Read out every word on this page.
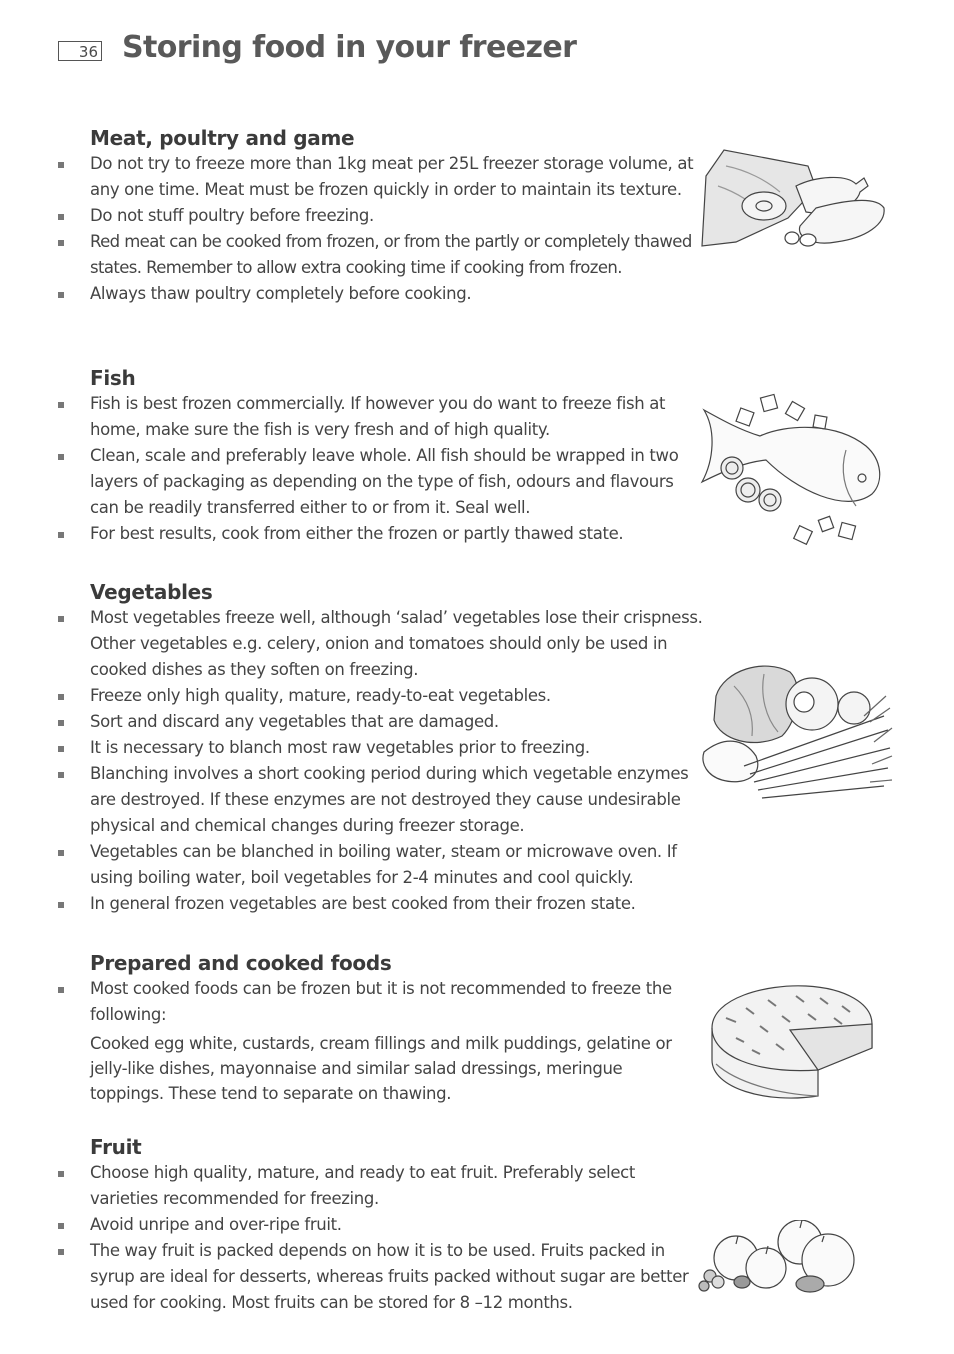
36 Storing food in your freezer
Meat, poultry and game
Do not try to freeze more than 1kg meat per 25L freezer storage volume, at any one time. Meat must be frozen quickly in order to maintain its texture.
Do not stuff poultry before freezing.
Red meat can be cooked from frozen, or from the partly or completely thawed states. Remember to allow extra cooking time if cooking from frozen.
Always thaw poultry completely before cooking.
Fish
Fish is best frozen commercially. If however you do want to freeze fish at home, make sure the fish is very fresh and of high quality.
Clean, scale and preferably leave whole. All fish should be wrapped in two layers of packaging as depending on the type of fish, odours and flavours can be readily transferred either to or from it. Seal well.
For best results, cook from either the frozen or partly thawed state.
Vegetables
Most vegetables freeze well, although ‘salad’ vegetables lose their crispness. Other vegetables e.g. celery, onion and tomatoes should only be used in cooked dishes as they soften on freezing.
Freeze only high quality, mature, ready-to-eat vegetables.
Sort and discard any vegetables that are damaged.
It is necessary to blanch most raw vegetables prior to freezing.
Blanching involves a short cooking period during which vegetable enzymes are destroyed. If these enzymes are not destroyed they cause undesirable physical and chemical changes during freezer storage.
Vegetables can be blanched in boiling water, steam or microwave oven. If using boiling water, boil vegetables for 2-4 minutes and cool quickly.
In general frozen vegetables are best cooked from their frozen state.
Prepared and cooked foods
Most cooked foods can be frozen but it is not recommended to freeze the following:

Cooked egg white, custards, cream fillings and milk puddings, gelatine or jelly-like dishes, mayonnaise and similar salad dressings, meringue toppings. These tend to separate on thawing.

Fruit
Choose high quality, mature, and ready to eat fruit. Preferably select varieties recommended for freezing.
Avoid unripe and over-ripe fruit.
The way fruit is packed depends on how it is to be used. Fruits packed in syrup are ideal for desserts, whereas fruits packed without sugar are better used for cooking. Most fruits can be stored for 8 –12 months.
